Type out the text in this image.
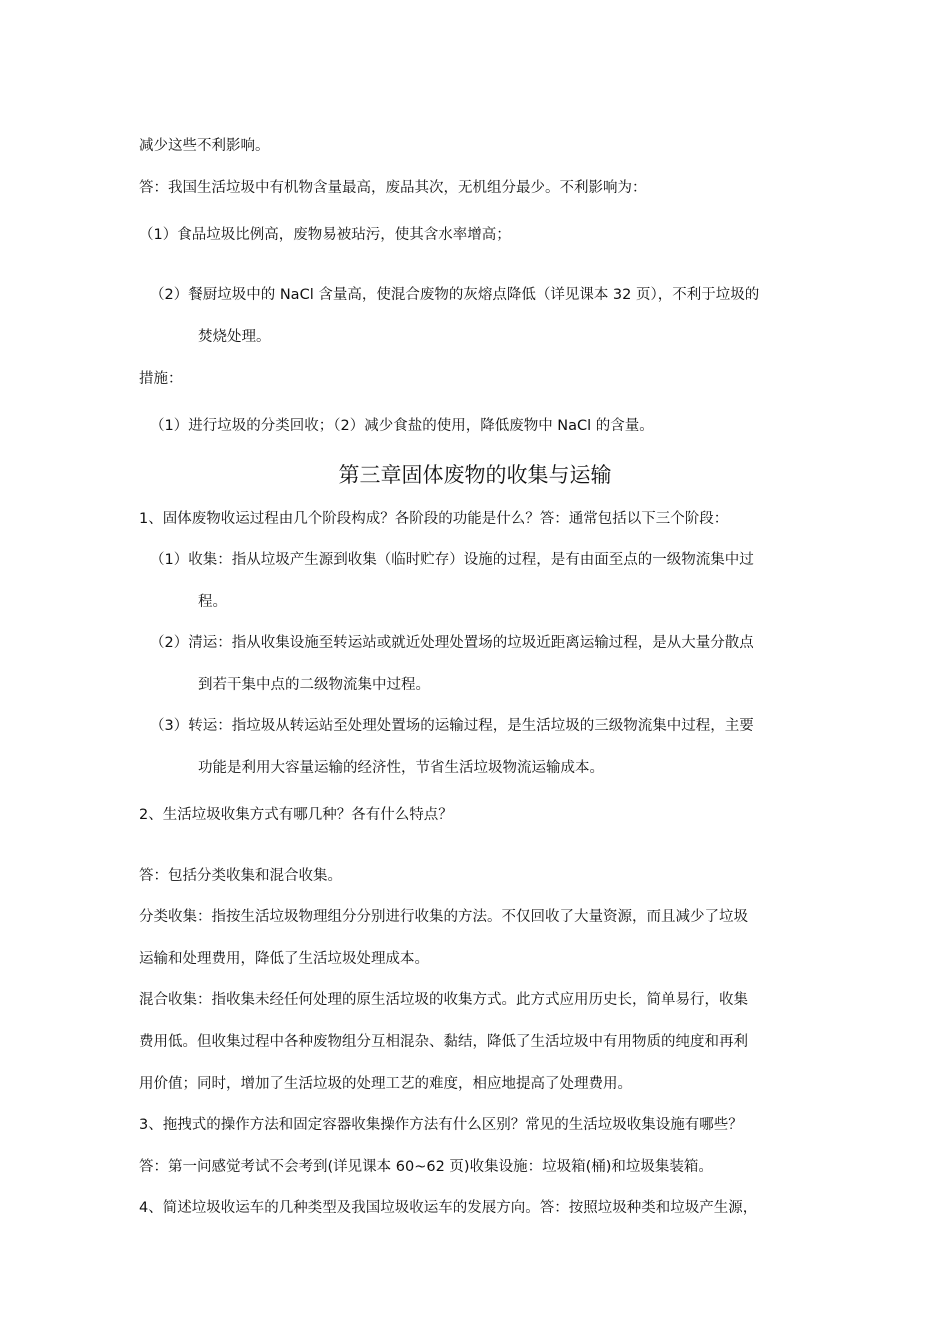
减少这些不利影响。
答：我国生活垃圾中有机物含量最高，废品其次，无机组分最少。不利影响为：
（1）食品垃圾比例高，废物易被玷污，使其含水率增高；
（2）餐厨垃圾中的 NaCl 含量高，使混合废物的灰熔点降低（详见课本 32 页），不利于垃圾的
焚烧处理。
措施：
（1）进行垃圾的分类回收；（2）减少食盐的使用，降低废物中 NaCl 的含量。
第三章固体废物的收集与运输
1、固体废物收运过程由几个阶段构成？各阶段的功能是什么？答：通常包括以下三个阶段：
（1）收集：指从垃圾产生源到收集（临时贮存）设施的过程，是有由面至点的一级物流集中过
程。
（2）清运：指从收集设施至转运站或就近处理处置场的垃圾近距离运输过程，是从大量分散点
到若干集中点的二级物流集中过程。
（3）转运：指垃圾从转运站至处理处置场的运输过程，是生活垃圾的三级物流集中过程，主要
功能是利用大容量运输的经济性，节省生活垃圾物流运输成本。
2、生活垃圾收集方式有哪几种？各有什么特点？
答：包括分类收集和混合收集。
分类收集：指按生活垃圾物理组分分别进行收集的方法。不仅回收了大量资源，而且减少了垃圾
运输和处理费用，降低了生活垃圾处理成本。
混合收集：指收集未经任何处理的原生活垃圾的收集方式。此方式应用历史长，简单易行，收集
费用低。但收集过程中各种废物组分互相混杂、黏结，降低了生活垃圾中有用物质的纯度和再利
用价值；同时，增加了生活垃圾的处理工艺的难度，相应地提高了处理费用。
3、拖拽式的操作方法和固定容器收集操作方法有什么区别？常见的生活垃圾收集设施有哪些？
答：第一问感觉考试不会考到(详见课本 60~62 页)收集设施：垃圾箱(桶)和垃圾集装箱。
4、简述垃圾收运车的几种类型及我国垃圾收运车的发展方向。答：按照垃圾种类和垃圾产生源，
